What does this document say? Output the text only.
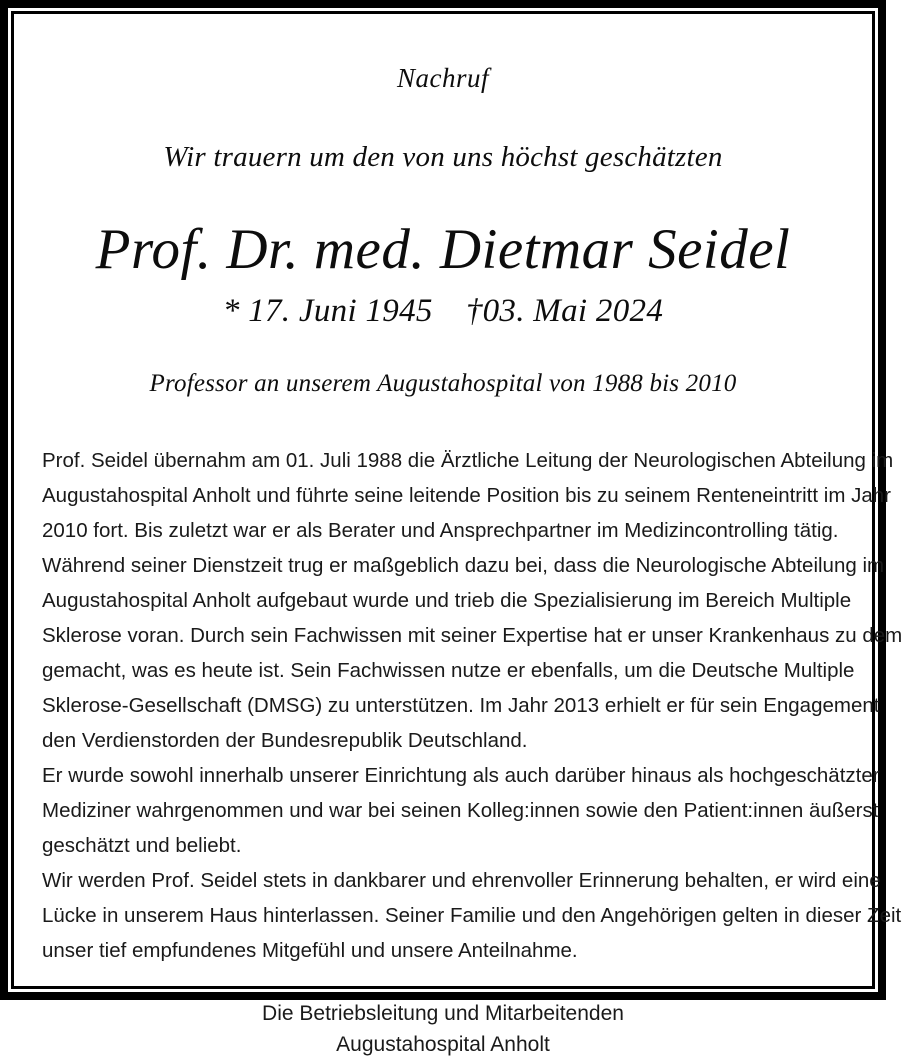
Nachruf
Wir trauern um den von uns höchst geschätzten
Prof. Dr. med. Dietmar Seidel
* 17. Juni 1945 †03. Mai 2024
Professor an unserem Augustahospital von 1988 bis 2010
Prof. Seidel übernahm am 01. Juli 1988 die Ärztliche Leitung der Neurologischen Abteilung im
Augustahospital Anholt und führte seine leitende Position bis zu seinem Renteneintritt im Jahr
2010 fort. Bis zuletzt war er als Berater und Ansprechpartner im Medizincontrolling tätig.
Während seiner Dienstzeit trug er maßgeblich dazu bei, dass die Neurologische Abteilung im
Augustahospital Anholt aufgebaut wurde und trieb die Spezialisierung im Bereich Multiple
Sklerose voran. Durch sein Fachwissen mit seiner Expertise hat er unser Krankenhaus zu dem
gemacht, was es heute ist. Sein Fachwissen nutze er ebenfalls, um die Deutsche Multiple
Sklerose-Gesellschaft (DMSG) zu unterstützen. Im Jahr 2013 erhielt er für sein Engagement
den Verdienstorden der Bundesrepublik Deutschland.
Er wurde sowohl innerhalb unserer Einrichtung als auch darüber hinaus als hochgeschätzter
Mediziner wahrgenommen und war bei seinen Kolleg:innen sowie den Patient:innen äußerst
geschätzt und beliebt.
Wir werden Prof. Seidel stets in dankbarer und ehrenvoller Erinnerung behalten, er wird eine
Lücke in unserem Haus hinterlassen. Seiner Familie und den Angehörigen gelten in dieser Zeit
unser tief empfundenes Mitgefühl und unsere Anteilnahme.
Die Betriebsleitung und Mitarbeitenden
Augustahospital Anholt
